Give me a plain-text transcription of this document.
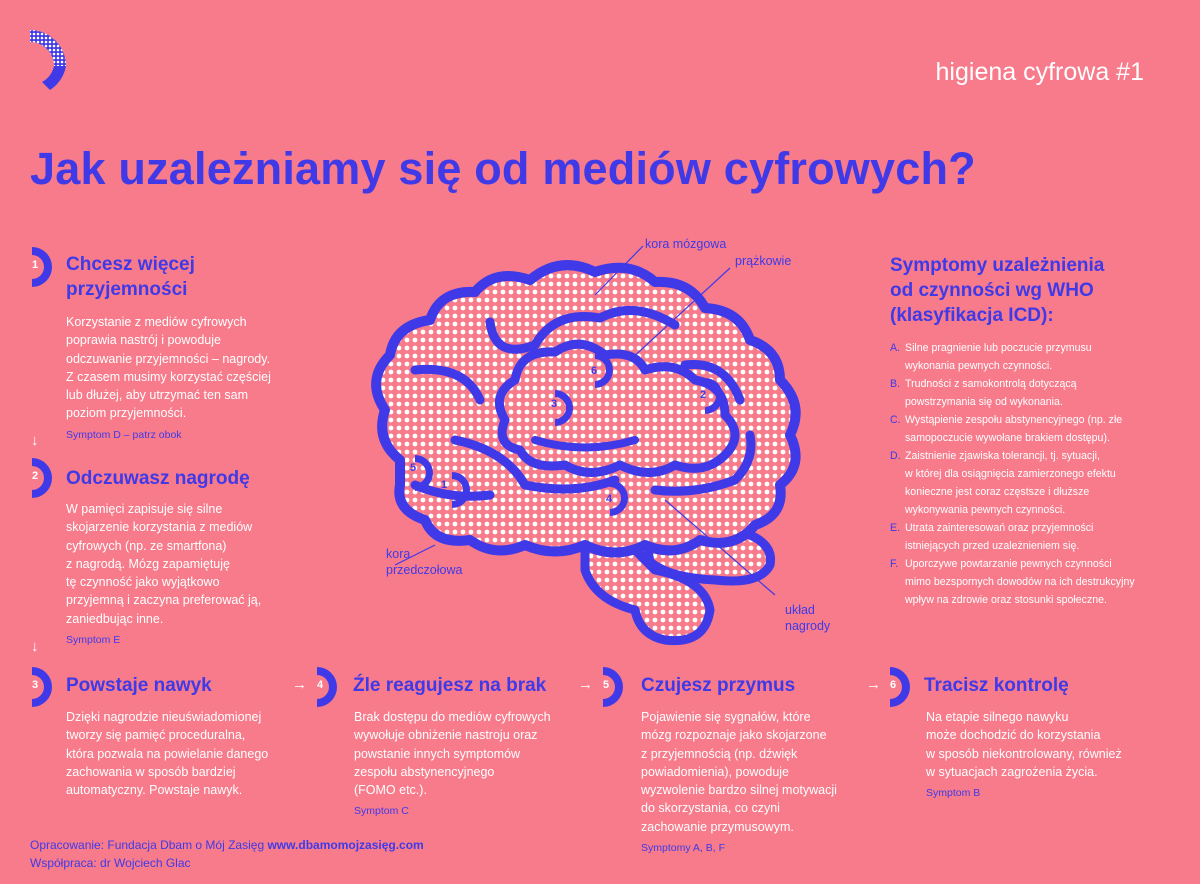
higiena cyfrowa #1
Jak uzależniamy się od mediów cyfrowych?
1 Chcesz więcej
przyjemności
Korzystanie z mediów cyfrowych
poprawia nastrój i powoduje
odczuwanie przyjemności – nagrody.
Z czasem musimy korzystać częściej
lub dłużej, aby utrzymać ten sam
poziom przyjemności.
Symptom D – patrz obok
↓
2 Odczuwasz nagrodę
W pamięci zapisuje się silne
skojarzenie korzystania z mediów
cyfrowych (np. ze smartfona)
z nagrodą. Mózg zapamiętuję
tę czynność jako wyjątkowo
przyjemną i zaczyna preferować ją,
zaniedbując inne.
Symptom E
↓
3 Powstaje nawyk
Dzięki nagrodzie nieuświadomionej
tworzy się pamięć proceduralna,
która pozwala na powielanie danego
zachowania w sposób bardziej
automatyczny. Powstaje nawyk.
→ 4 Źle reagujesz na brak
Brak dostępu do mediów cyfrowych
wywołuje obniżenie nastroju oraz
powstanie innych symptomów
zespołu abstynencyjnego
(FOMO etc.).
Symptom C
→ 5 Czujesz przymus
Pojawienie się sygnałów, które
mózg rozpoznaje jako skojarzone
z przyjemnością (np. dźwięk
powiadomienia), powoduje
wyzwolenie bardzo silnej motywacji
do skorzystania, co czyni
zachowanie przymusowym.
Symptomy A, B, F
→ 6 Tracisz kontrolę
Na etapie silnego nawyku
może dochodzić do korzystania
w sposób niekontrolowany, również
w sytuacjach zagrożenia życia.
Symptom B
Symptomy uzależnienia
od czynności wg WHO
(klasyfikacja ICD):
A. Silne pragnienie lub poczucie przymusu
wykonania pewnych czynności.
B. Trudności z samokontrolą dotyczącą
powstrzymania się od wykonania.
C. Wystąpienie zespołu abstynencyjnego (np. złe
samopoczucie wywołane brakiem dostępu).
D. Zaistnienie zjawiska tolerancji, tj. sytuacji,
w której dla osiągnięcia zamierzonego efektu
konieczne jest coraz częstsze i dłuższe
wykonywania pewnych czynności.
E. Utrata zainteresowań oraz przyjemności
istniejących przed uzależnieniem się.
F. Uporczywe powtarzanie pewnych czynności
mimo bezspornych dowodów na ich destrukcyjny
wpływ na zdrowie oraz stosunki społeczne.
1
2
3
4
5
6
kora mózgowa
prążkowie
kora
przedczołowa
układ
nagrody
Opracowanie: Fundacja Dbam o Mój Zasięg www.dbamomojzasięg.com
Współpraca: dr Wojciech Glac
